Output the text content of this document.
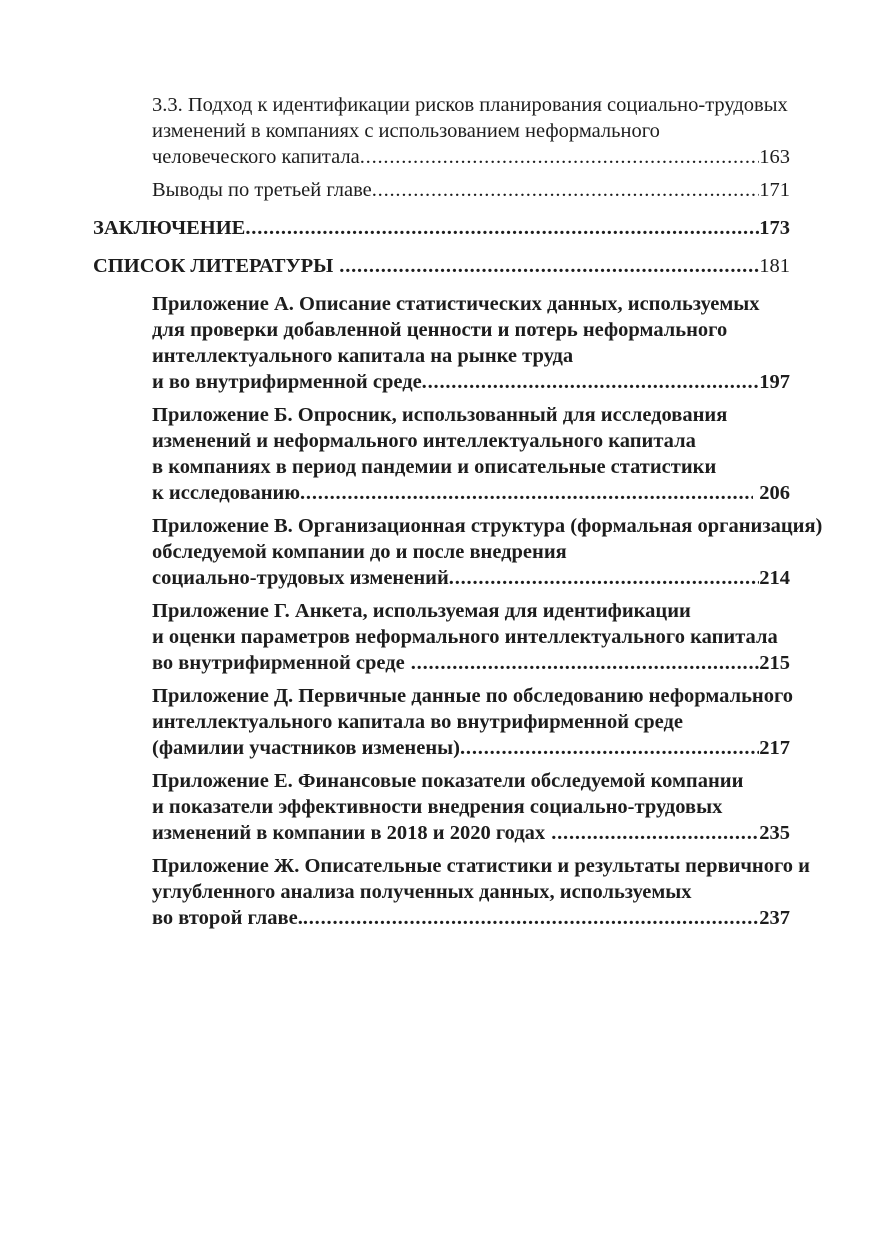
3.3. Подход к идентификации рисков планирования социально-трудовых
изменений в компаниях с использованием неформального
человеческого капитала .....	163
Выводы по третьей главе .....	171
ЗАКЛЮЧЕНИЕ .....	173
СПИСОК ЛИТЕРАТУРЫ .....	181
Приложение А. Описание статистических данных, используемых
для проверки добавленной ценности и потерь неформального
интеллектуального капитала на рынке труда
и во внутрифирменной среде .....	197
Приложение Б. Опросник, использованный для исследования
изменений и неформального интеллектуального капитала
в компаниях в период пандемии и описательные статистики
к исследованию .....	206
Приложение В. Организационная структура (формальная организация)
обследуемой компании до и после внедрения
социально-трудовых изменений .....	214
Приложение Г. Анкета, используемая для идентификации
и оценки параметров неформального интеллектуального капитала
во внутрифирменной среде .....	215
Приложение Д. Первичные данные по обследованию неформального
интеллектуального капитала во внутрифирменной среде
(фамилии участников изменены) .....	217
Приложение Е. Финансовые показатели обследуемой компании
и показатели эффективности внедрения социально-трудовых
изменений в компании в 2018 и 2020 годах .....	235
Приложение Ж. Описательные статистики и результаты первичного и
углубленного анализа полученных данных, используемых
во второй главе. .....	237
